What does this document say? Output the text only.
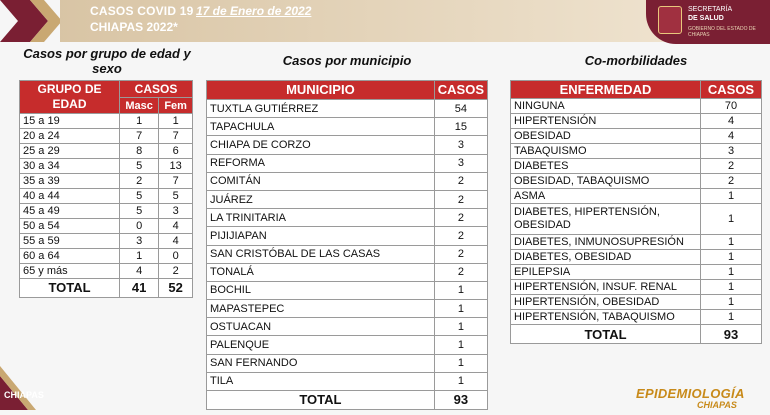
CASOS COVID 19 17 de Enero de 2022
CHIAPAS 2022*
SECRETARÍA
DE SALUD
GOBIERNO DEL ESTADO DE CHIAPAS
Casos por grupo de edad y sexo
Casos por municipio	Co-morbilidades
GRUPO DE EDAD	CASOS	
	Masc	Fem
15 a 19	1	1
20 a 24	7	7
25 a 29	8	6
30 a 34	5	13
35 a 39	2	7
40 a 44	5	5
45 a 49	5	3
50 a 54	0	4
55 a 59	3	4
60 a 64	1	0
65 y más	4	2
TOTAL	41	52
MUNICIPIO	CASOS
TUXTLA GUTIÉRREZ	54
TAPACHULA	15
CHIAPA DE CORZO	3
REFORMA	3
COMITÁN	2
JUÁREZ	2
LA TRINITARIA	2
PIJIJIAPAN	2
SAN CRISTÓBAL DE LAS CASAS	2
TONALÁ	2
BOCHIL	1
MAPASTEPEC	1
OSTUACAN	1
PALENQUE	1
SAN FERNANDO	1
TILA	1
TOTAL	93
ENFERMEDAD	CASOS
NINGUNA	70
HIPERTENSIÓN	4
OBESIDAD	4
TABAQUISMO	3
DIABETES	2
OBESIDAD, TABAQUISMO	2
ASMA	1
DIABETES, HIPERTENSIÓN, OBESIDAD	1
DIABETES, INMUNOSUPRESIÓN	1
DIABETES, OBESIDAD	1
EPILEPSIA	1
HIPERTENSIÓN, INSUF. RENAL	1
HIPERTENSIÓN, OBESIDAD	1
HIPERTENSIÓN, TABAQUISMO	1
TOTAL	93
CHIAPAS	EPIDEMIOLOGÍA
CHIAPAS
